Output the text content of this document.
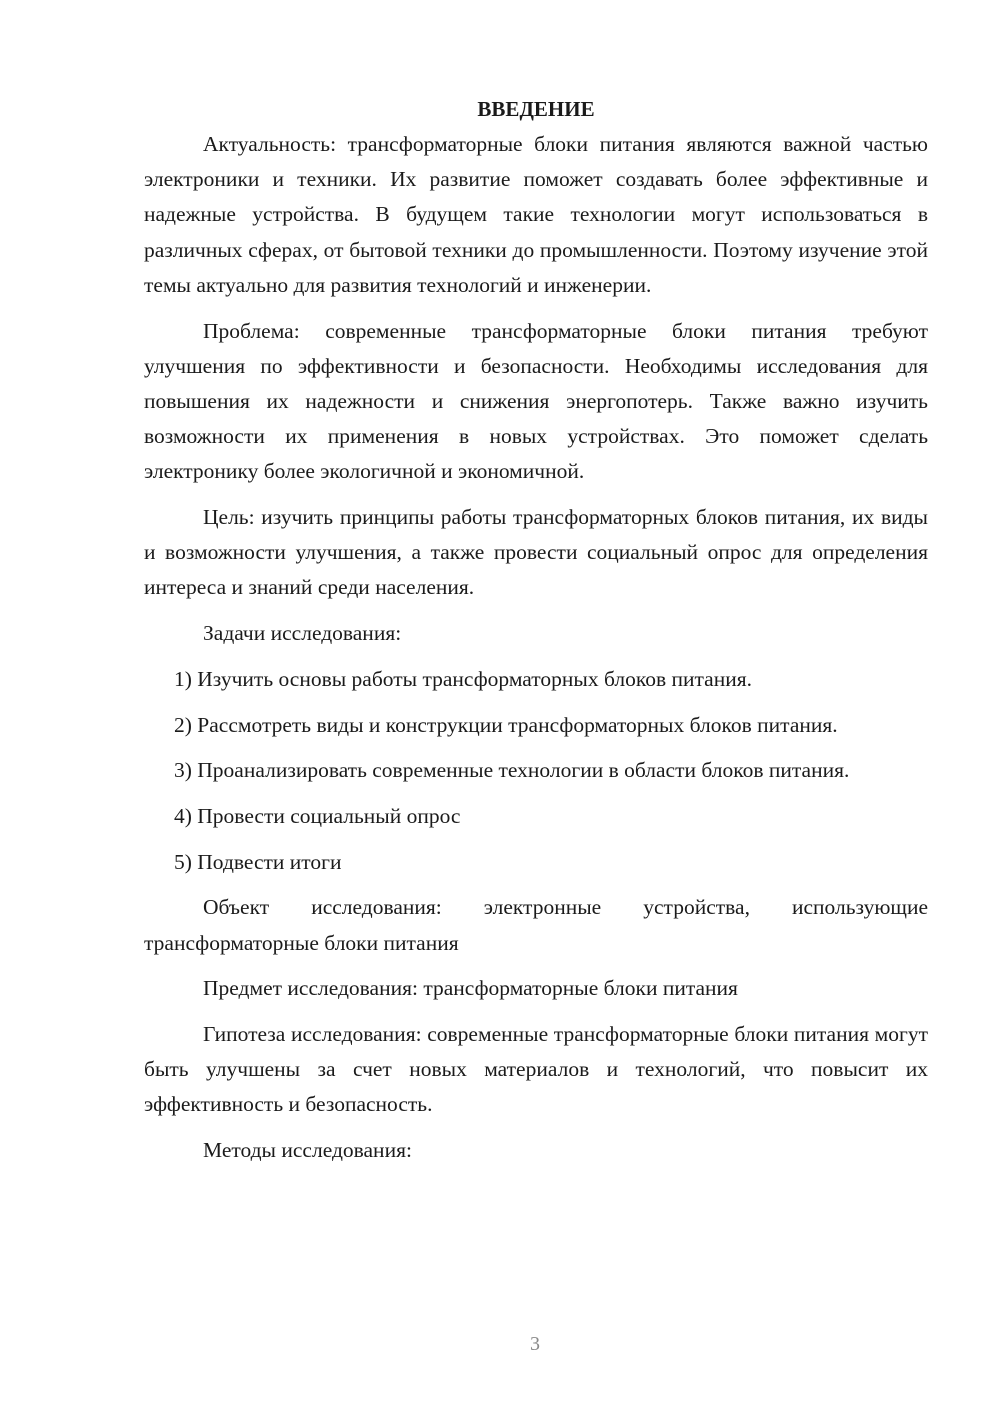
ВВЕДЕНИЕ

Актуальность: трансформаторные блоки питания являются важной частью электроники и техники. Их развитие поможет создавать более эффективные и надежные устройства. В будущем такие технологии могут использоваться в различных сферах, от бытовой техники до промышленности. Поэтому изучение этой темы актуально для развития технологий и инженерии.

Проблема: современные трансформаторные блоки питания требуют улучшения по эффективности и безопасности. Необходимы исследования для повышения их надежности и снижения энергопотерь. Также важно изучить возможности их применения в новых устройствах. Это поможет сделать электронику более экологичной и экономичной.

Цель: изучить принципы работы трансформаторных блоков питания, их виды и возможности улучшения, а также провести социальный опрос для определения интереса и знаний среди населения.

Задачи исследования:

1) Изучить основы работы трансформаторных блоков питания.

2) Рассмотреть виды и конструкции трансформаторных блоков питания.

3) Проанализировать современные технологии в области блоков питания.

4) Провести социальный опрос

5) Подвести итоги

Объект исследования: электронные устройства, использующие трансформаторные блоки питания

Предмет исследования: трансформаторные блоки питания

Гипотеза исследования: современные трансформаторные блоки питания могут быть улучшены за счет новых материалов и технологий, что повысит их эффективность и безопасность.

Методы исследования:

3
